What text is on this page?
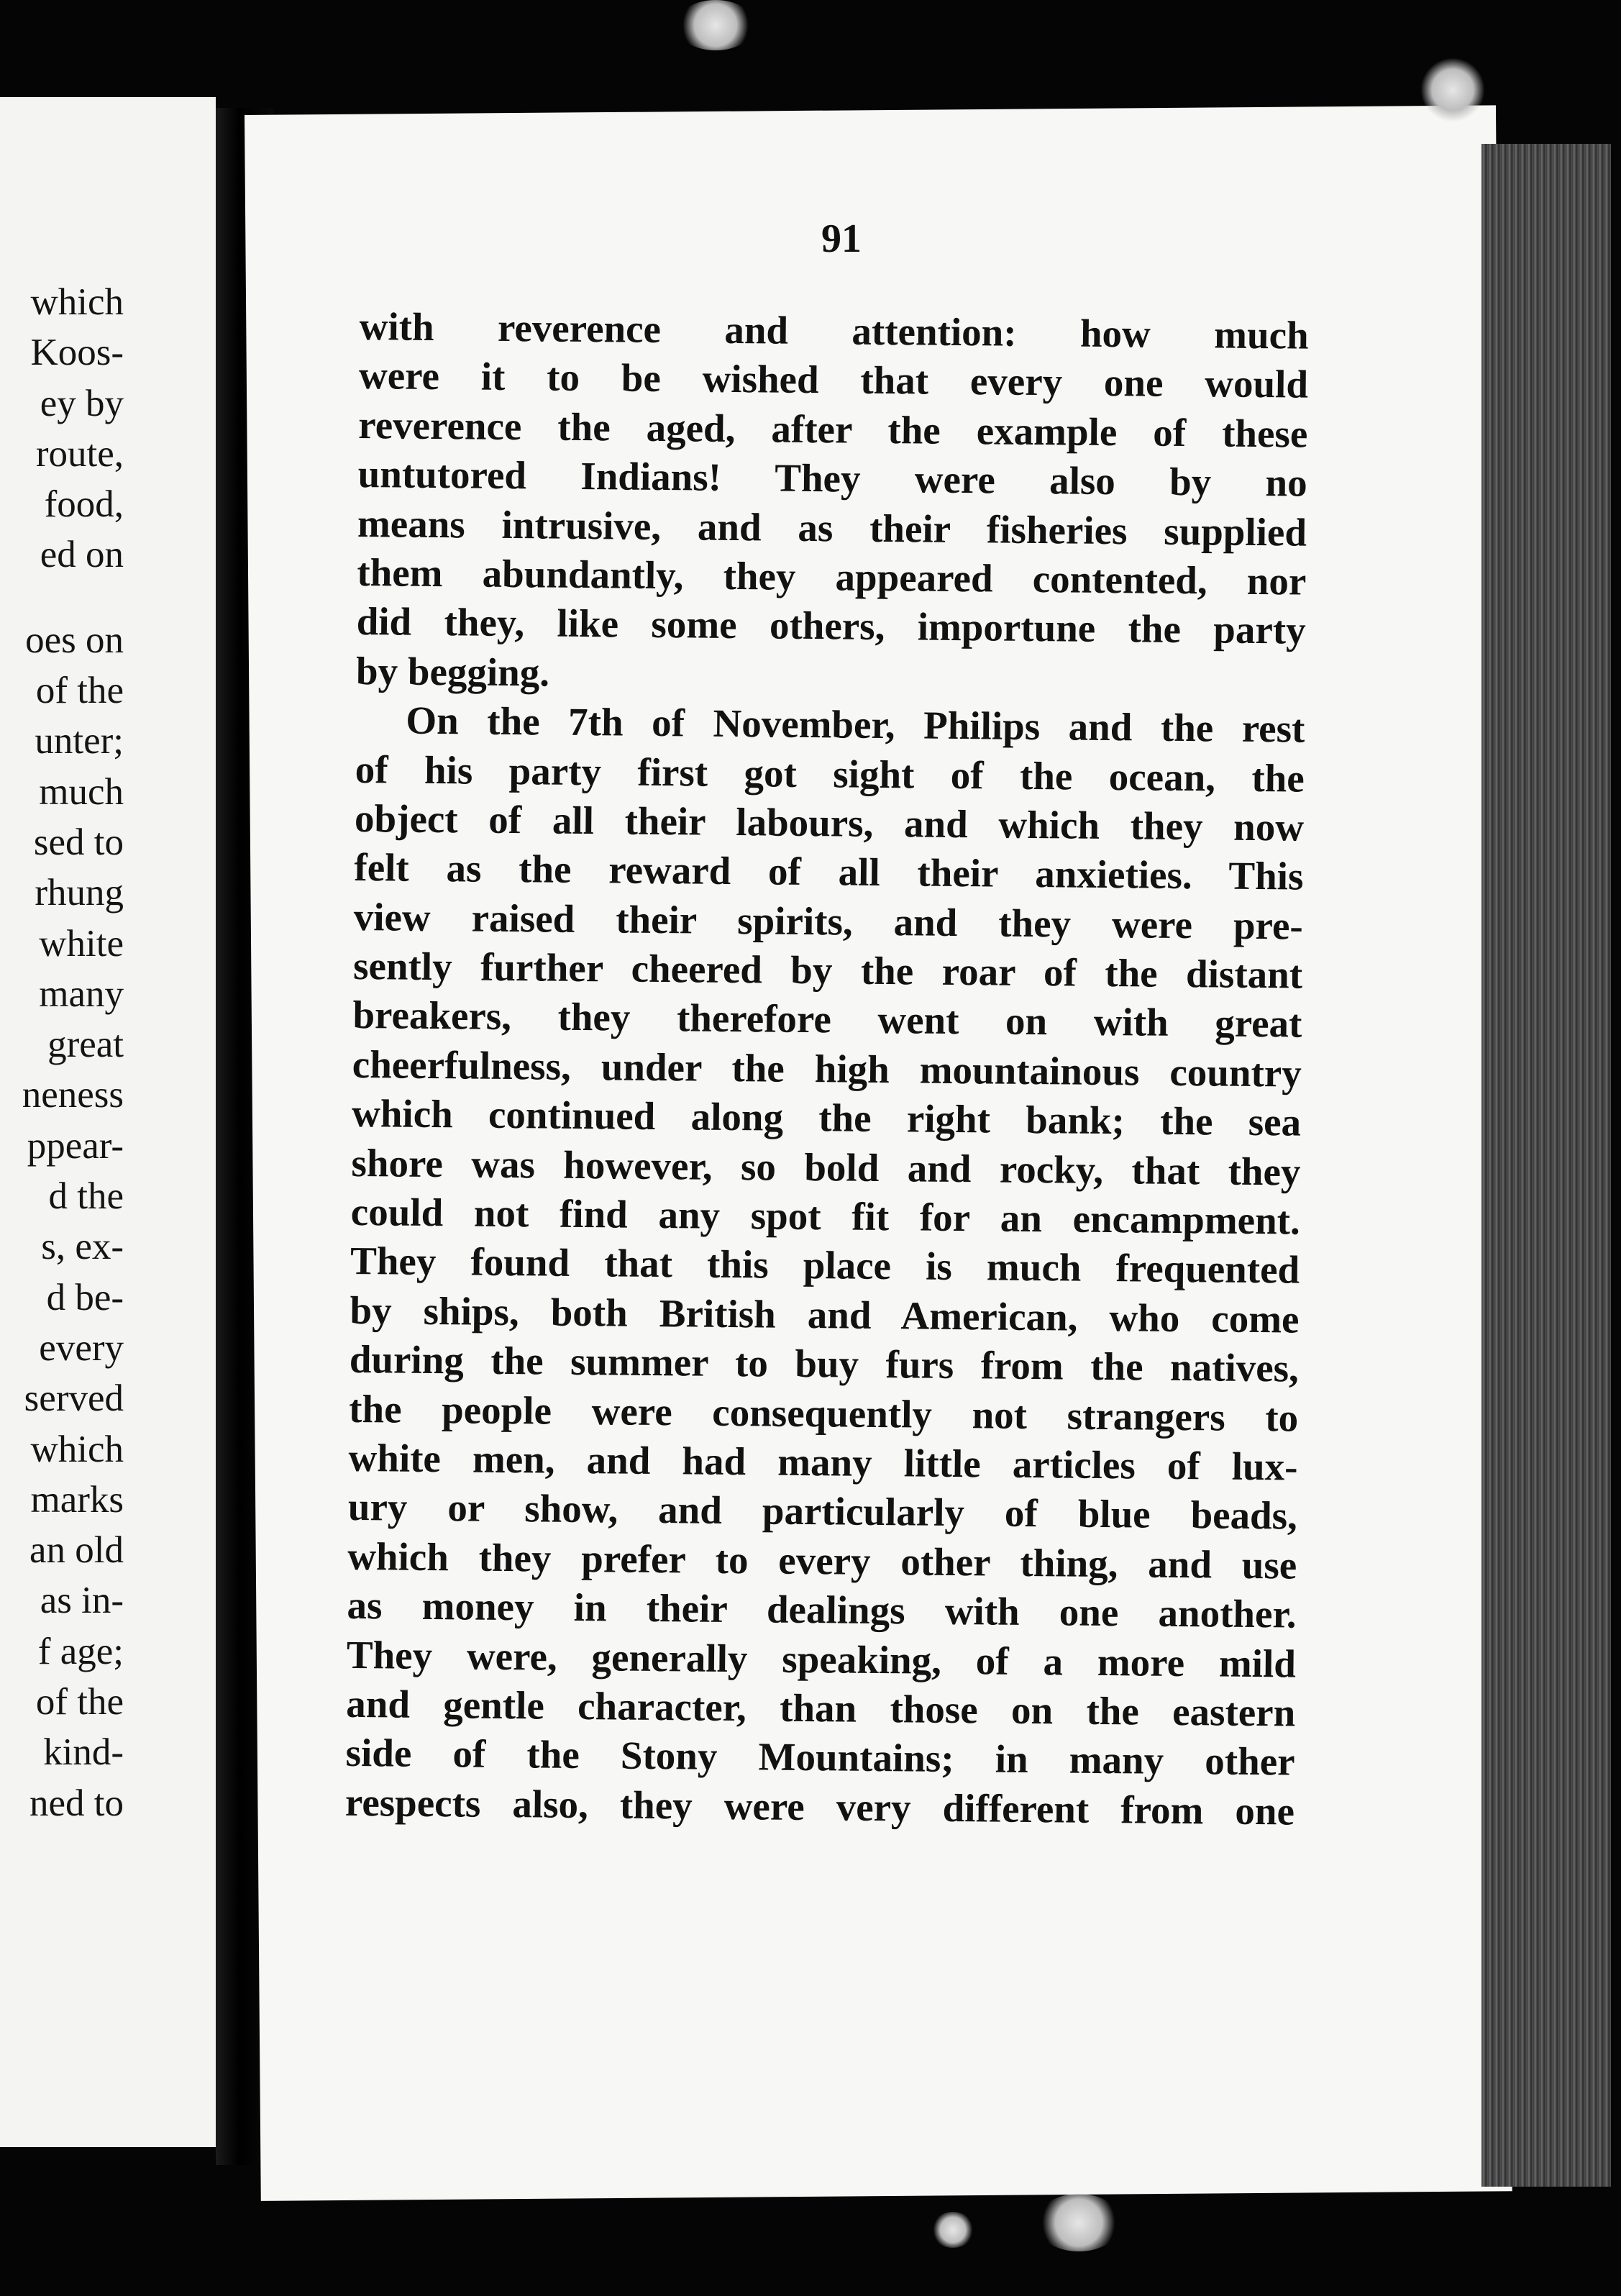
which
Koos-
ey by
route,
food,
ed on
oes on
of the
unter;
much
sed to
rhung
white
many
great
neness
ppear-
d the
s, ex-
d be-
every
served
which
marks
an old
as in-
f age;
of the
kind-
ned to
91
with reverence and attention: how much
were it to be wished that every one would
reverence the aged, after the example of these
untutored Indians! They were also by no
means intrusive, and as their fisheries supplied
them abundantly, they appeared contented, nor
did they, like some others, importune the party
by begging.
On the 7th of November, Philips and the rest
of his party first got sight of the ocean, the
object of all their labours, and which they now
felt as the reward of all their anxieties. This
view raised their spirits, and they were pre-
sently further cheered by the roar of the distant
breakers, they therefore went on with great
cheerfulness, under the high mountainous country
which continued along the right bank; the sea
shore was however, so bold and rocky, that they
could not find any spot fit for an encampment.
They found that this place is much frequented
by ships, both British and American, who come
during the summer to buy furs from the natives,
the people were consequently not strangers to
white men, and had many little articles of lux-
ury or show, and particularly of blue beads,
which they prefer to every other thing, and use
as money in their dealings with one another.
They were, generally speaking, of a more mild
and gentle character, than those on the eastern
side of the Stony Mountains; in many other
respects also, they were very different from one
